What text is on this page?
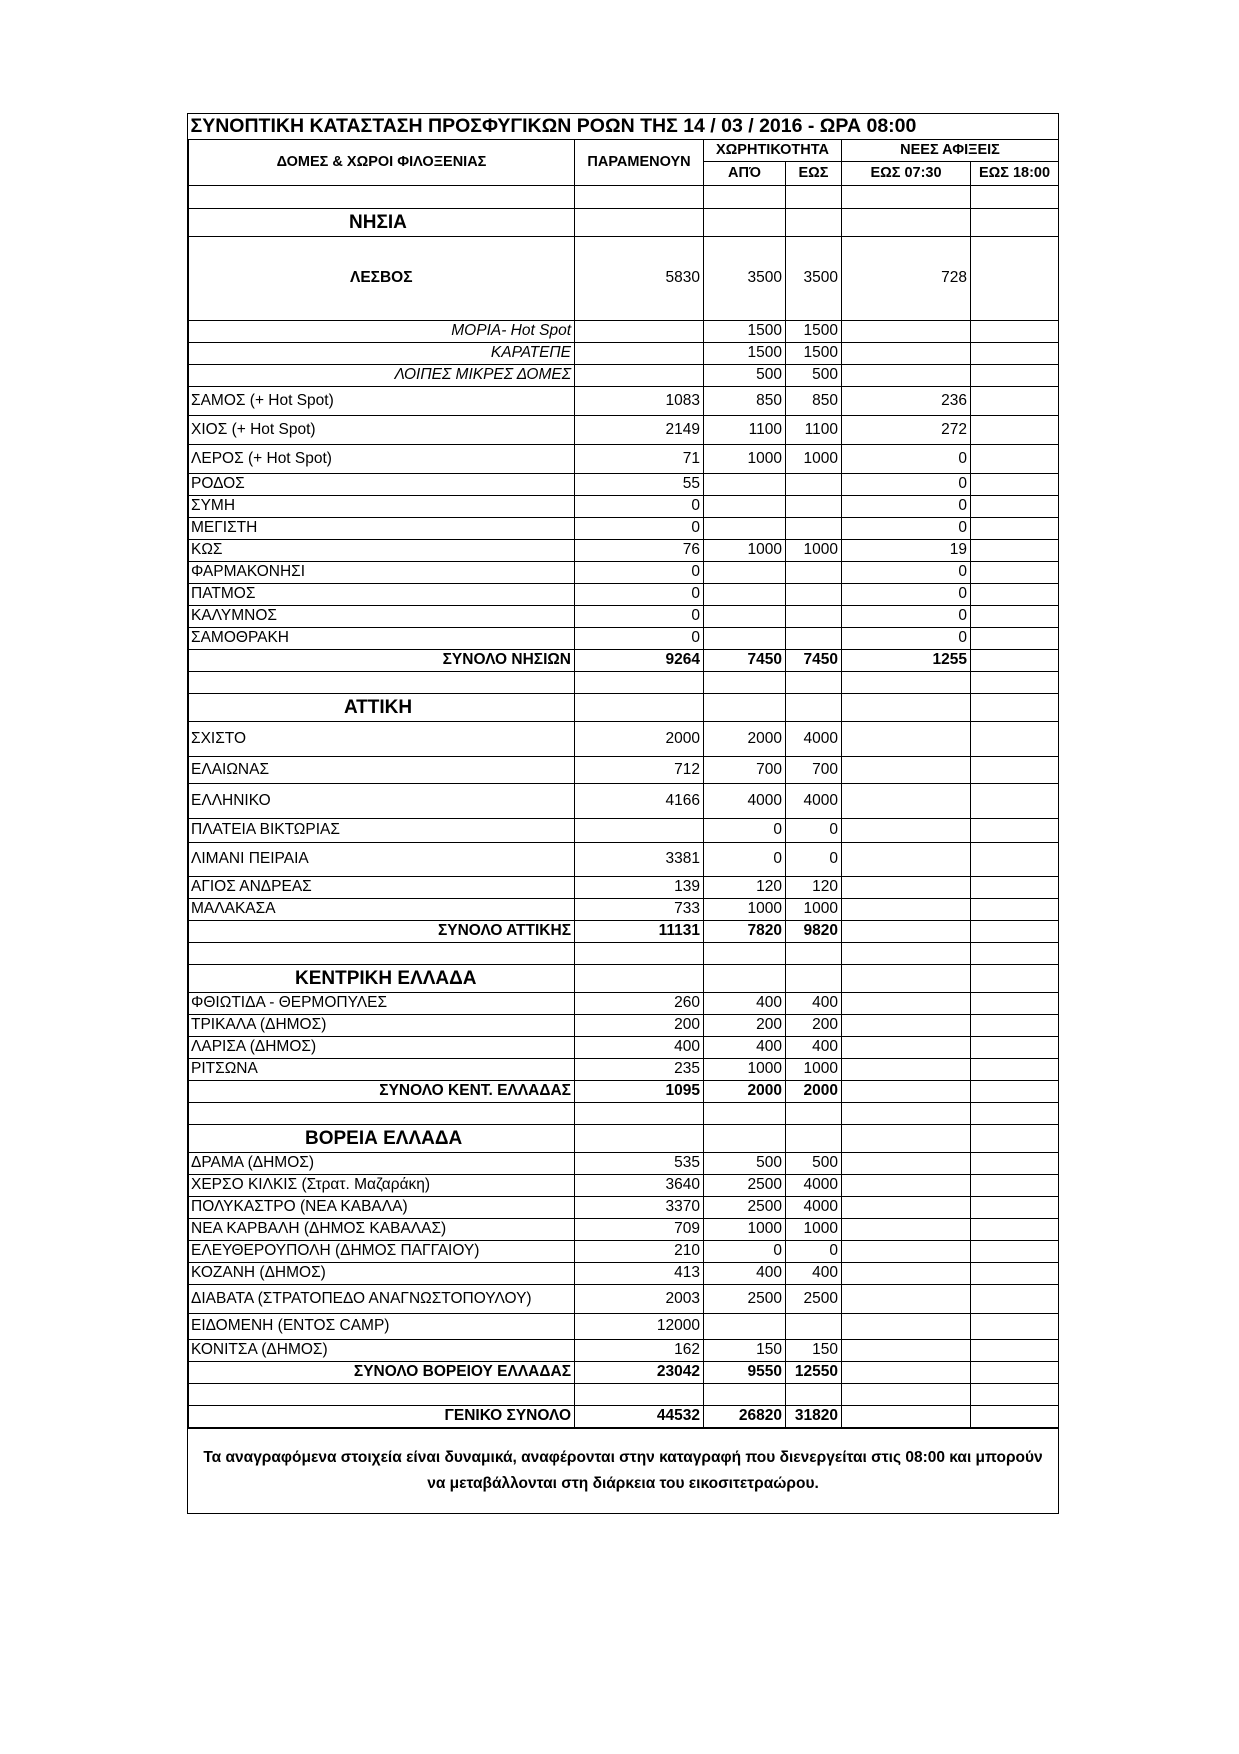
ΣΥΝΟΠΤΙΚΗ ΚΑΤΑΣΤΑΣΗ ΠΡΟΣΦΥΓΙΚΩΝ ΡΟΩΝ ΤΗΣ 14 / 03 / 2016 - ΩΡΑ 08:00					
ΔΟΜΕΣ & ΧΩΡΟΙ ΦΙΛΟΞΕΝΙΑΣ	ΠΑΡΑΜΕΝΟΥΝ	ΧΩΡΗΤΙΚΟΤΗΤΑ		ΝΕΕΣ ΑΦΙΞΕΙΣ	
		ΑΠΌ	ΕΩΣ	ΕΩΣ 07:30	ΕΩΣ 18:00

ΝΗΣΙΑ					
ΛΕΣΒΟΣ	5830	3500	3500	728	
ΜΟΡΙΑ- Hot Spot		1500	1500		
ΚΑΡΑΤΕΠΕ		1500	1500		
ΛΟΙΠΕΣ ΜΙΚΡΕΣ ΔΟΜΕΣ		500	500		
ΣΑΜΟΣ (+ Hot Spot)	1083	850	850	236	
ΧΙΟΣ (+ Hot Spot)	2149	1100	1100	272	
ΛΕΡΟΣ (+ Hot Spot)	71	1000	1000	0	
ΡΟΔΟΣ	55			0	
ΣΥΜΗ	0			0	
ΜΕΓΙΣΤΗ	0			0	
ΚΩΣ	76	1000	1000	19	
ΦΑΡΜΑΚΟΝΗΣΙ	0			0	
ΠΑΤΜΟΣ	0			0	
ΚΑΛΥΜΝΟΣ	0			0	
ΣΑΜΟΘΡΑΚΗ	0			0	
ΣΥΝΟΛΟ ΝΗΣΙΩΝ	9264	7450	7450	1255	

ΑΤΤΙΚΗ					
ΣΧΙΣΤΟ	2000	2000	4000		
ΕΛΑΙΩΝΑΣ	712	700	700		
ΕΛΛΗΝΙΚΟ	4166	4000	4000		
ΠΛΑΤΕΙΑ ΒΙΚΤΩΡΙΑΣ		0	0		
ΛΙΜΑΝΙ ΠΕΙΡΑΙΑ	3381	0	0		
ΑΓΙΟΣ ΑΝΔΡΕΑΣ	139	120	120		
ΜΑΛΑΚΑΣΑ	733	1000	1000		
ΣΥΝΟΛΟ ΑΤΤΙΚΗΣ	11131	7820	9820		

ΚΕΝΤΡΙΚΗ ΕΛΛΑΔΑ					
ΦΘΙΩΤΙΔΑ - ΘΕΡΜΟΠΥΛΕΣ	260	400	400		
ΤΡΙΚΑΛΑ (ΔΗΜΟΣ)	200	200	200		
ΛΑΡΙΣΑ (ΔΗΜΟΣ)	400	400	400		
ΡΙΤΣΩΝΑ	235	1000	1000		
ΣΥΝΟΛΟ ΚΕΝΤ. ΕΛΛΑΔΑΣ	1095	2000	2000		

ΒΟΡΕΙΑ ΕΛΛΑΔΑ					
ΔΡΑΜΑ (ΔΗΜΟΣ)	535	500	500		
ΧΕΡΣΟ ΚΙΛΚΙΣ (Στρατ. Μαζαράκη)	3640	2500	4000		
ΠΟΛΥΚΑΣΤΡΟ (ΝΕΑ ΚΑΒΑΛΑ)	3370	2500	4000		
ΝΕΑ ΚΑΡΒΑΛΗ (ΔΗΜΟΣ ΚΑΒΑΛΑΣ)	709	1000	1000		
ΕΛΕΥΘΕΡΟΥΠΟΛΗ (ΔΗΜΟΣ ΠΑΓΓΑΙΟΥ)	210	0	0		
ΚΟΖΑΝΗ (ΔΗΜΟΣ)	413	400	400		
ΔΙΑΒΑΤΑ (ΣΤΡΑΤΟΠΕΔΟ ΑΝΑΓΝΩΣΤΟΠΟΥΛΟΥ)	2003	2500	2500		
ΕΙΔΟΜΕΝΗ (ΕΝΤΟΣ CAMP)	12000				
ΚΟΝΙΤΣΑ (ΔΗΜΟΣ)	162	150	150		
ΣΥΝΟΛΟ ΒΟΡΕΙΟΥ ΕΛΛΑΔΑΣ	23042	9550	12550		

ΓΕΝΙΚΟ ΣΥΝΟΛΟ	44532	26820	31820		
Τα αναγραφόμενα στοιχεία είναι δυναμικά, αναφέρονται στην καταγραφή που διενεργείται στις 08:00 και μπορούν να μεταβάλλονται στη διάρκεια του εικοσιτετραώρου.
